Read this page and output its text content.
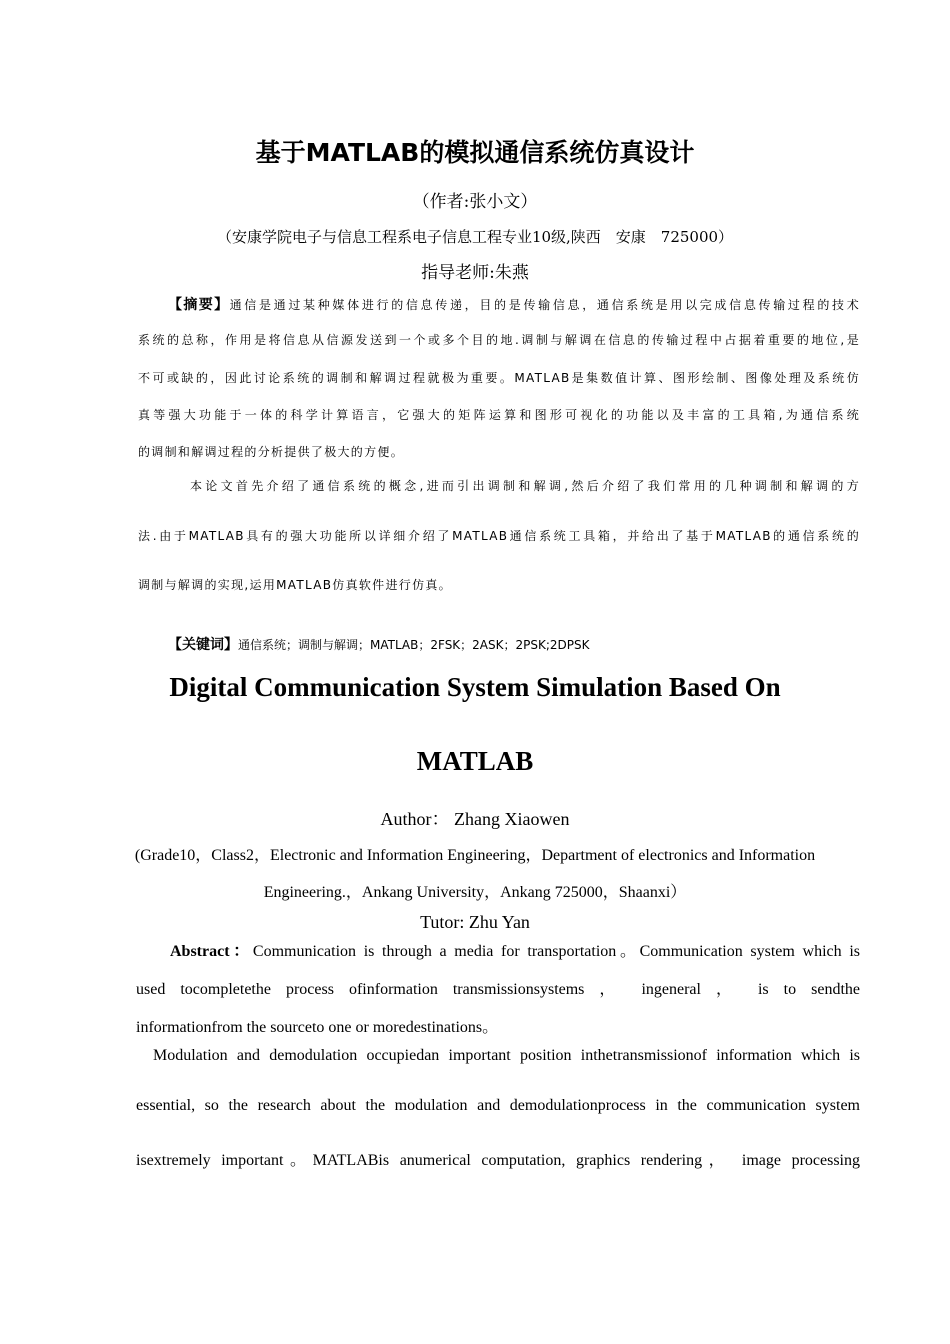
基于MATLAB的模拟通信系统仿真设计
（作者:张小文）
（安康学院电子与信息工程系电子信息工程专业10级,陕西　安康　725000）
指导老师:朱燕
【摘要】通信是通过某种媒体进行的信息传递，目的是传输信息，通信系统是用以完成信息传输过程的技术
系统的总称，作用是将信息从信源发送到一个或多个目的地.调制与解调在信息的传输过程中占据着重要的地位,是
不可或缺的，因此讨论系统的调制和解调过程就极为重要。MATLAB是集数值计算、图形绘制、图像处理及系统仿
真等强大功能于一体的科学计算语言，它强大的矩阵运算和图形可视化的功能以及丰富的工具箱,为通信系统
的调制和解调过程的分析提供了极大的方便。
本论文首先介绍了通信系统的概念,进而引出调制和解调,然后介绍了我们常用的几种调制和解调的方
法.由于MATLAB具有的强大功能所以详细介绍了MATLAB通信系统工具箱，并给出了基于MATLAB的通信系统的
调制与解调的实现,运用MATLAB仿真软件进行仿真。
【关键词】通信系统；调制与解调；MATLAB；2FSK；2ASK；2PSK;2DPSK
Digital Communication System Simulation Based On
MATLAB
Author： Zhang Xiaowen
(Grade10，Class2，Electronic and Information Engineering，Department of electronics and Information
Engineering.，Ankang University，Ankang 725000，Shaanxi）
Tutor: Zhu Yan
Abstract：Communication is through a media for transportation。Communication system which is
used tocompletethe process ofinformation transmissionsystems ， ingeneral ， is to sendthe
informationfrom the sourceto one or moredestinations。
Modulation and demodulation occupiedan important position inthetransmissionof information which is
essential, so the research about the modulation and demodulationprocess in the communication system
isextremely important。MATLABis anumerical computation, graphics rendering， image processing
